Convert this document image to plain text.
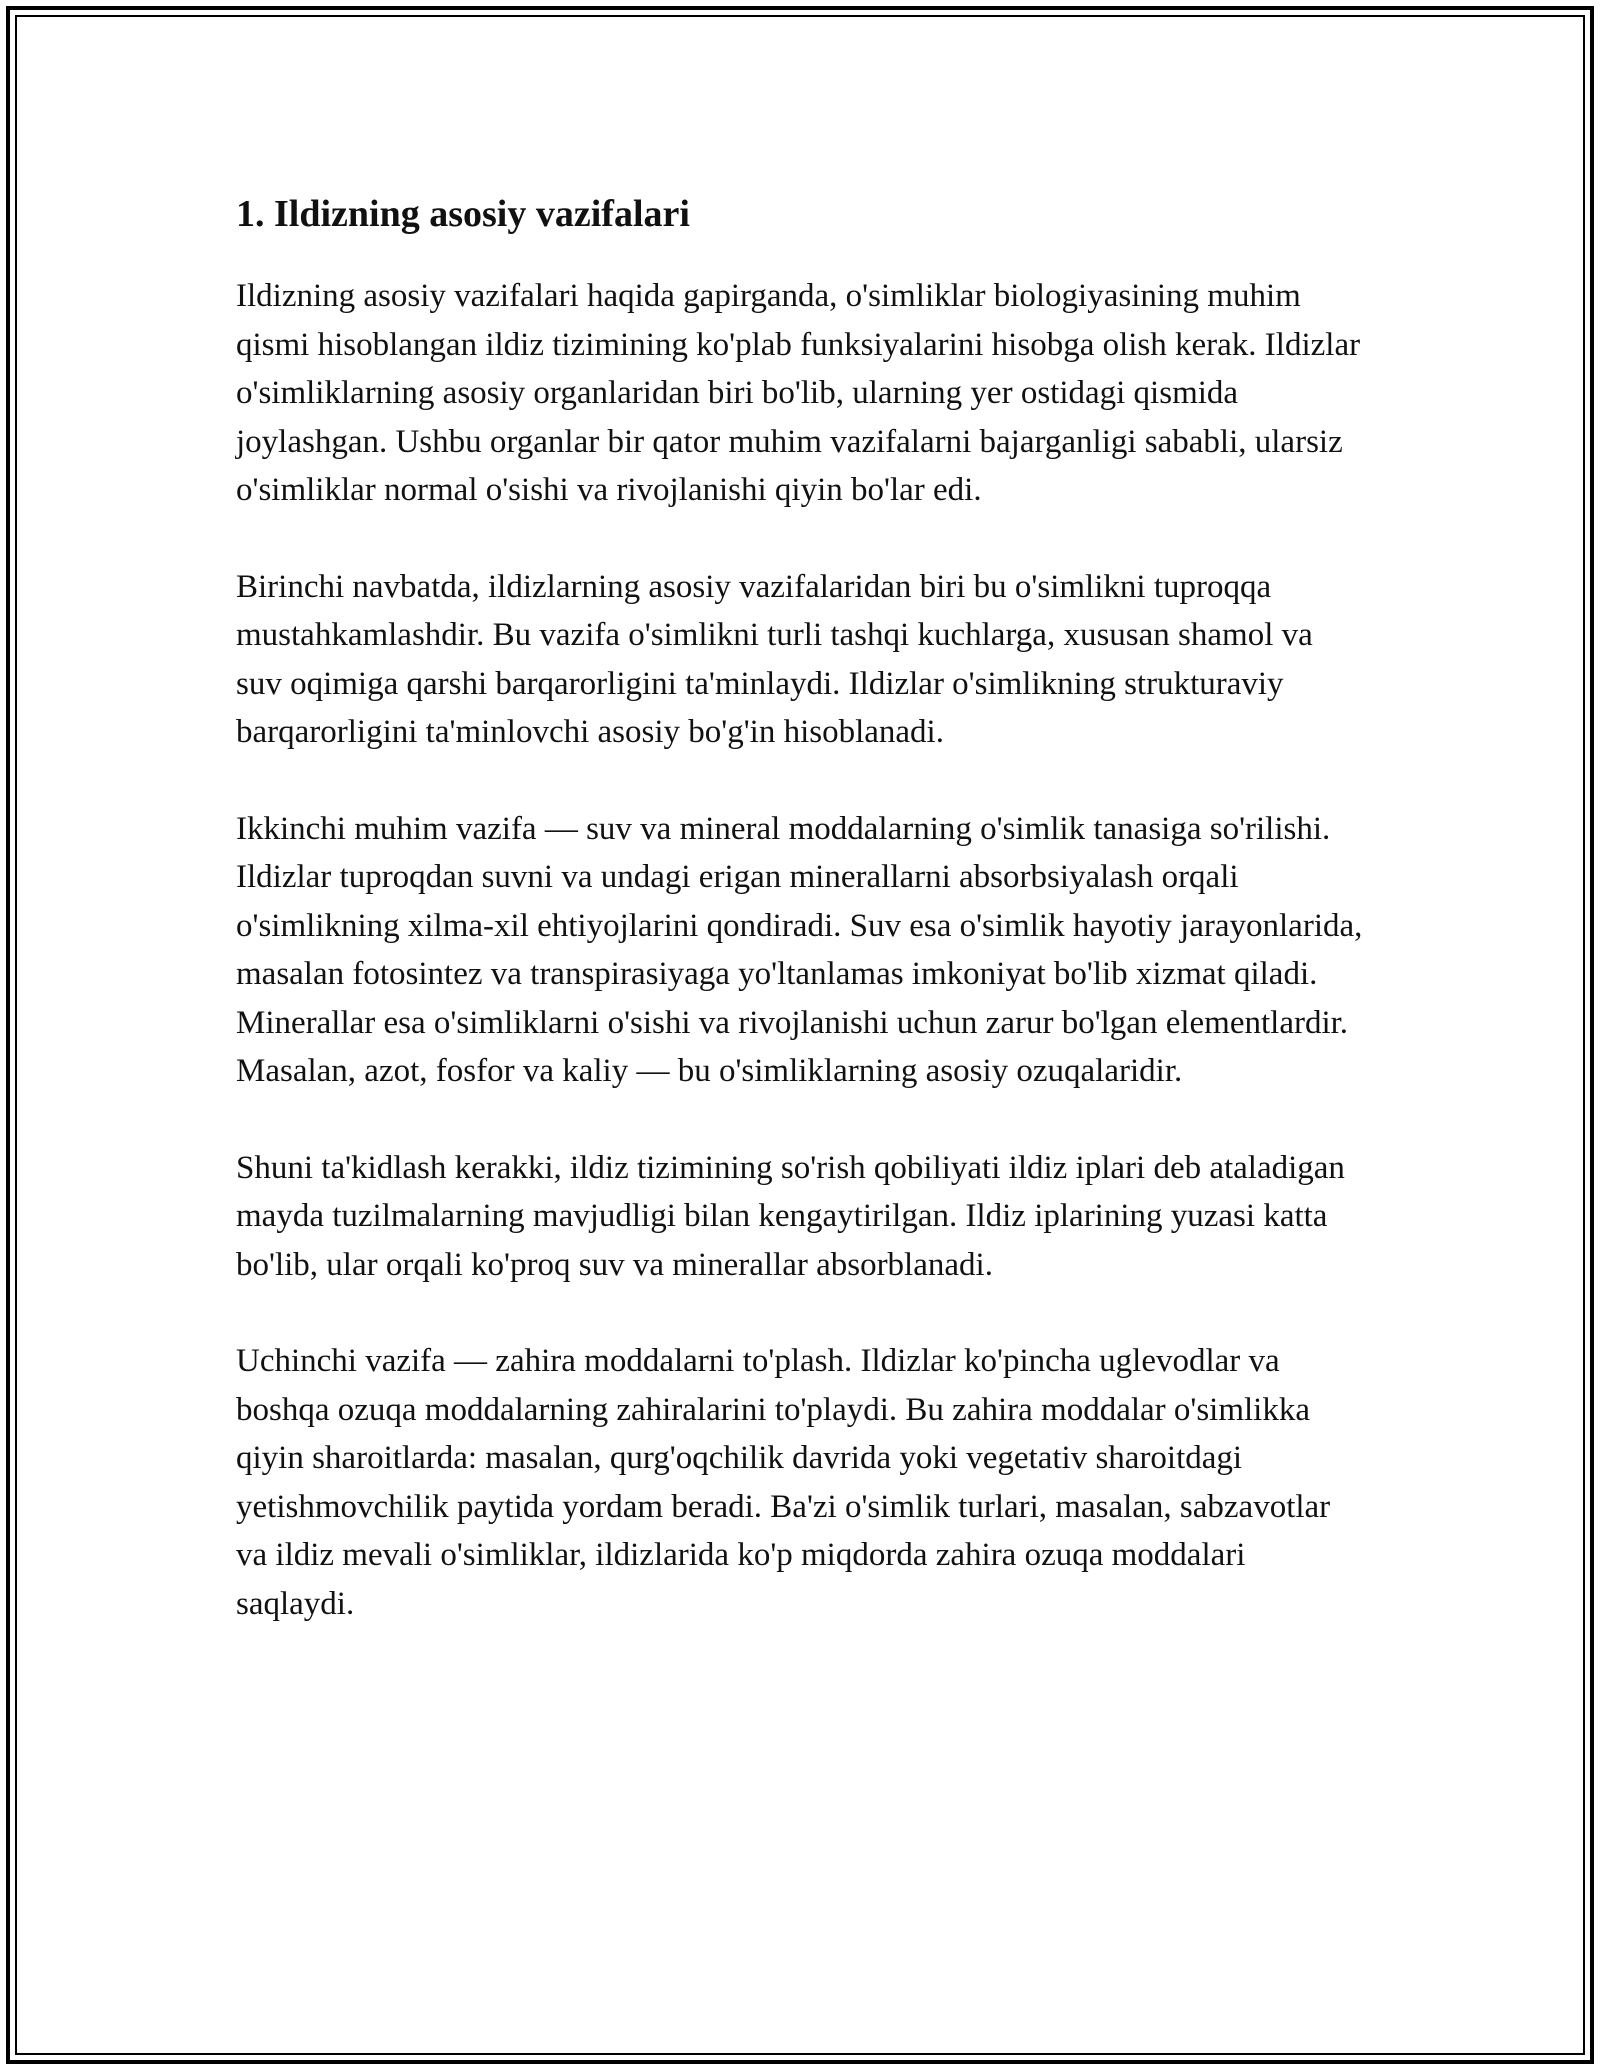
1. Ildizning asosiy vazifalari

Ildizning asosiy vazifalari haqida gapirganda, o'simliklar biologiyasining muhim qismi hisoblangan ildiz tizimining ko'plab funksiyalarini hisobga olish kerak. Ildizlar o'simliklarning asosiy organlaridan biri bo'lib, ularning yer ostidagi qismida joylashgan. Ushbu organlar bir qator muhim vazifalarni bajarganligi sababli, ularsiz o'simliklar normal o'sishi va rivojlanishi qiyin bo'lar edi.

Birinchi navbatda, ildizlarning asosiy vazifalaridan biri bu o'simlikni tuproqqa mustahkamlashdir. Bu vazifa o'simlikni turli tashqi kuchlarga, xususan shamol va suv oqimiga qarshi barqarorligini ta'minlaydi. Ildizlar o'simlikning strukturaviy barqarorligini ta'minlovchi asosiy bo'g'in hisoblanadi.

Ikkinchi muhim vazifa — suv va mineral moddalarning o'simlik tanasiga so'rilishi. Ildizlar tuproqdan suvni va undagi erigan minerallarni absorbsiyalash orqali o'simlikning xilma-xil ehtiyojlarini qondiradi. Suv esa o'simlik hayotiy jarayonlarida, masalan fotosintez va transpirasiyaga yo'ltanlamas imkoniyat bo'lib xizmat qiladi. Minerallar esa o'simliklarni o'sishi va rivojlanishi uchun zarur bo'lgan elementlardir. Masalan, azot, fosfor va kaliy — bu o'simliklarning asosiy ozuqalaridir.

Shuni ta'kidlash kerakki, ildiz tizimining so'rish qobiliyati ildiz iplari deb ataladigan mayda tuzilmalarning mavjudligi bilan kengaytirilgan. Ildiz iplarining yuzasi katta bo'lib, ular orqali ko'proq suv va minerallar absorblanadi.

Uchinchi vazifa — zahira moddalarni to'plash. Ildizlar ko'pincha uglevodlar va boshqa ozuqa moddalarning zahiralarini to'playdi. Bu zahira moddalar o'simlikka qiyin sharoitlarda: masalan, qurg'oqchilik davrida yoki vegetativ sharoitdagi yetishmovchilik paytida yordam beradi. Ba'zi o'simlik turlari, masalan, sabzavotlar va ildiz mevali o'simliklar, ildizlarida ko'p miqdorda zahira ozuqa moddalari saqlaydi.
